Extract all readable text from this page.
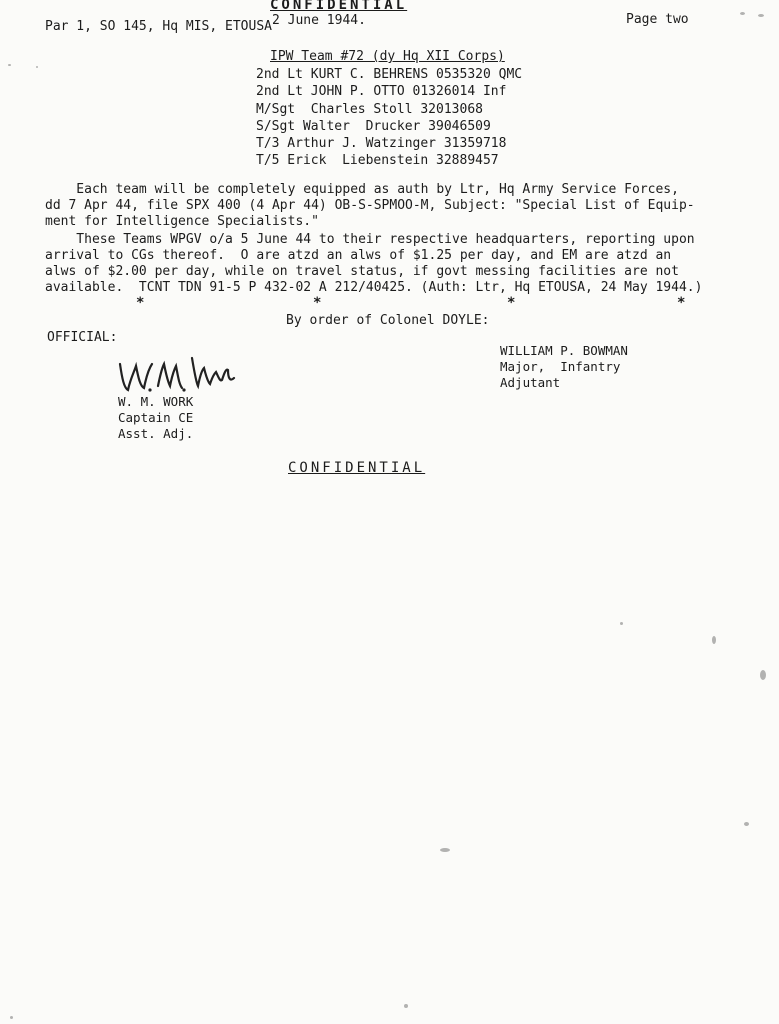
CONFIDENTIAL
Par 1, SO 145, Hq MIS, ETOUSA 2 June 1944.	Page two
IPW Team #72 (dy Hq XII Corps)
2nd Lt KURT C. BEHRENS 0535320 QMC
2nd Lt JOHN P. OTTO 01326014 Inf
M/Sgt  Charles Stoll 32013068
S/Sgt Walter  Drucker 39046509
T/3 Arthur J. Watzinger 31359718
T/5 Erick  Liebenstein 32889457
Each team will be completely equipped as auth by Ltr, Hq Army Service Forces,
dd 7 Apr 44, file SPX 400 (4 Apr 44) OB-S-SPMOO-M, Subject: "Special List of Equip-
ment for Intelligence Specialists."
These Teams WPGV o/a 5 June 44 to their respective headquarters, reporting upon
arrival to CGs thereof.  O are atzd an alws of $1.25 per day, and EM are atzd an
alws of $2.00 per day, while on travel status, if govt messing facilities are not
available.  TCNT TDN 91-5 P 432-02 A 212/40425. (Auth: Ltr, Hq ETOUSA, 24 May 1944.)
*	*	*	*
By order of Colonel DOYLE:
OFFICIAL:
WILLIAM P. BOWMAN
Major,  Infantry
Adjutant
W. M. WORK
Captain CE
Asst. Adj.
CONFIDENTIAL
